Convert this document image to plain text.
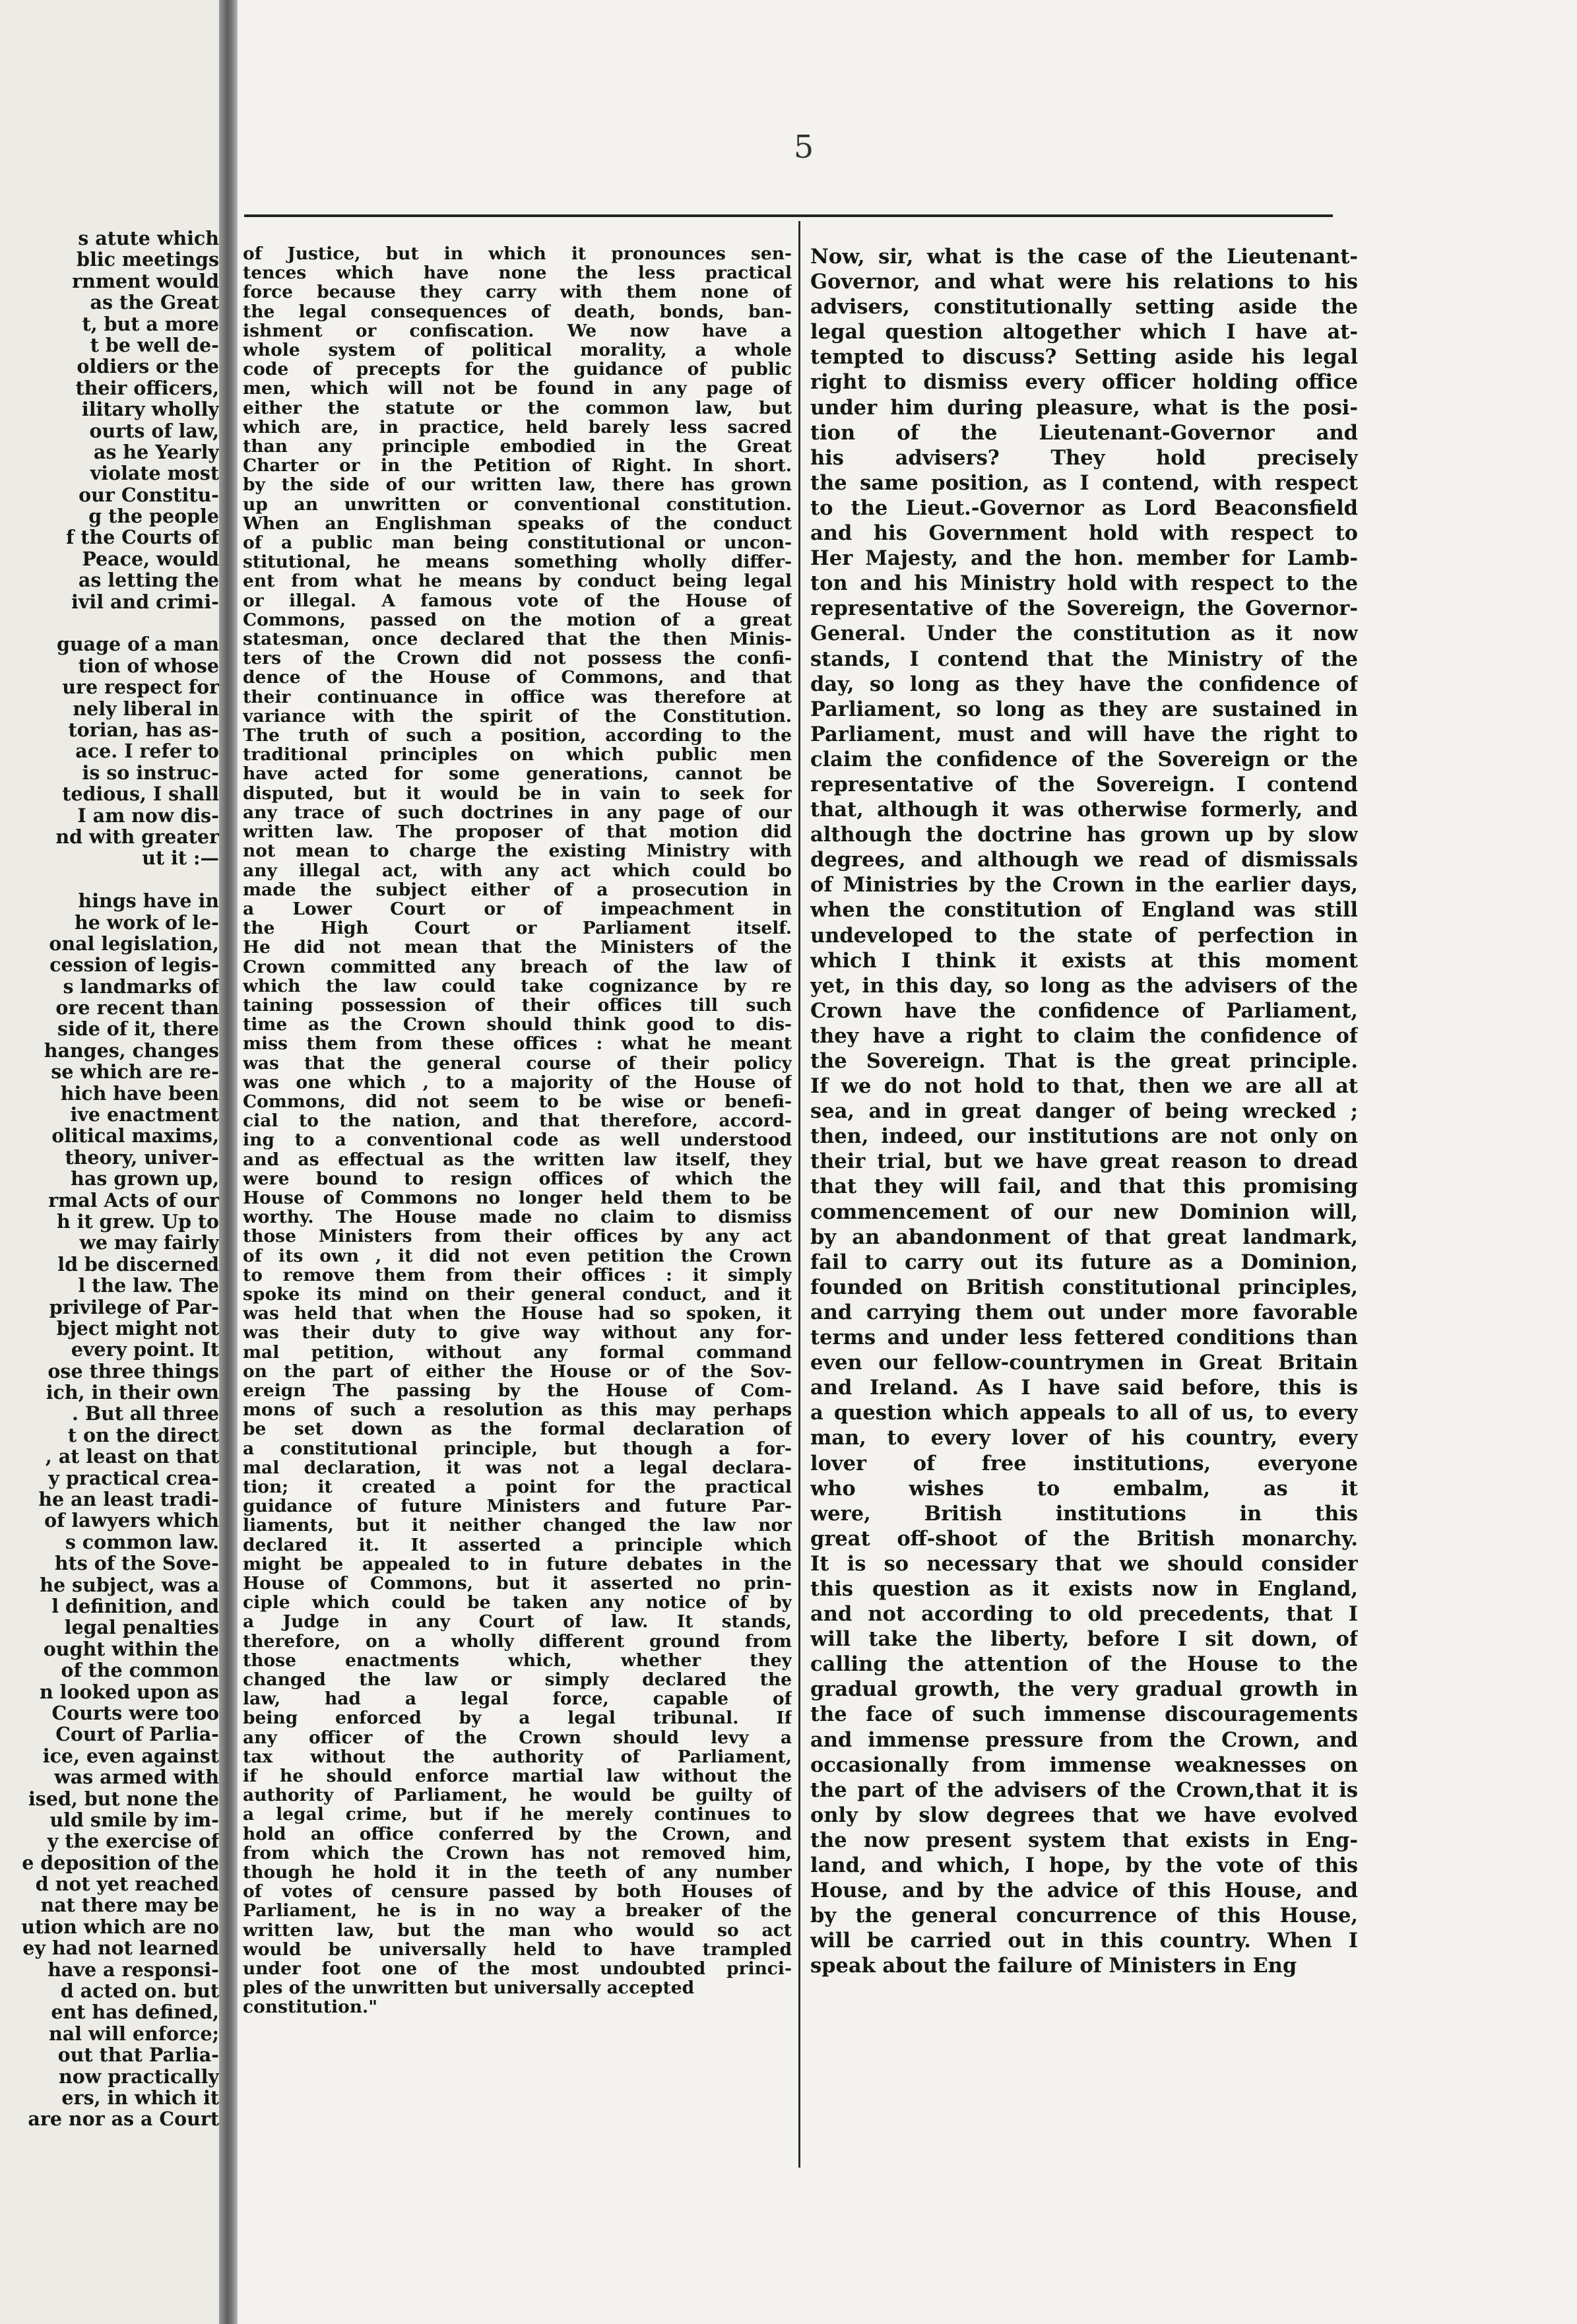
s atute which
blic meetings
rnment would
as the Great
t, but a more
t be well de-
oldiers or the
their officers,
ilitary wholly
ourts of law,
as he Yearly
violate most
our Constitu-
g the people
f the Courts of
Peace, would
as letting the
ivil and crimi-
guage of a man
tion of whose
ure respect for
nely liberal in
torian, has as-
ace. I refer to
is so instruc-
tedious, I shall
I am now dis-
nd with greater
ut it :—
hings have in
he work of le-
onal legislation,
cession of legis-
s landmarks of
ore recent than
side of it, there
hanges, changes
se which are re-
hich have been
ive enactment
olitical maxims,
theory, univer-
has grown up,
rmal Acts of our
h it grew. Up to
we may fairly
ld be discerned
l the law. The
privilege of Par-
bject might not
every point. It
ose three things
ich, in their own
. But all three
t on the direct
, at least on that
y practical crea-
he an least tradi-
of lawyers which
s common law.
hts of the Sove-
he subject, was a
l definition, and
legal penalties
ought within the
of the common
n looked upon as
Courts were too
Court of Parlia-
ice, even against
was armed with
ised, but none the
uld smile by im-
y the exercise of
e deposition of the
d not yet reached
nat there may be
ution which are no
ey had not learned
have a responsi-
d acted on. but
ent has defined,
nal will enforce;
out that Parlia-
now practically
ers, in which it
are nor as a Court
5
of Justice, but in which it pronounces sen-
tences which have none the less practical
force because they carry with them none of
the legal consequences of death, bonds, ban-
ishment or confiscation. We now have a
whole system of political morality, a whole
code of precepts for the guidance of public
men, which will not be found in any page of
either the statute or the common law, but
which are, in practice, held barely less sacred
than any principle embodied in the Great
Charter or in the Petition of Right. In short.
by the side of our written law, there has grown
up an unwritten or conventional constitution.
When an Englishman speaks of the conduct
of a public man being constitutional or uncon-
stitutional, he means something wholly differ-
ent from what he means by conduct being legal
or illegal. A famous vote of the House of
Commons, passed on the motion of a great
statesman, once declared that the then Minis-
ters of the Crown did not possess the confi-
dence of the House of Commons, and that
their continuance in office was therefore at
variance with the spirit of the Constitution.
The truth of such a position, according to the
traditional principles on which public men
have acted for some generations, cannot be
disputed, but it would be in vain to seek for
any trace of such doctrines in any page of our
written law. The proposer of that motion did
not mean to charge the existing Ministry with
any illegal act, with any act which could bo
made the subject either of a prosecution in
a Lower Court or of impeachment in
the High Court or Parliament itself.
He did not mean that the Ministers of the
Crown committed any breach of the law of
which the law could take cognizance by re
taining possession of their offices till such
time as the Crown should think good to dis-
miss them from these offices : what he meant
was that the general course of their policy
was one which , to a majority of the House of
Commons, did not seem to be wise or benefi-
cial to the nation, and that therefore, accord-
ing to a conventional code as well understood
and as effectual as the written law itself, they
were bound to resign offices of which the
House of Commons no longer held them to be
worthy. The House made no claim to dismiss
those Ministers from their offices by any act
of its own , it did not even petition the Crown
to remove them from their offices : it simply
spoke its mind on their general conduct, and it
was held that when the House had so spoken, it
was their duty to give way without any for-
mal petition, without any formal command
on the part of either the House or of the Sov-
ereign The passing by the House of Com-
mons of such a resolution as this may perhaps
be set down as the formal declaration of
a constitutional principle, but though a for-
mal declaration, it was not a legal declara-
tion; it created a point for the practical
guidance of future Ministers and future Par-
liaments, but it neither changed the law nor
declared it. It asserted a principle which
might be appealed to in future debates in the
House of Commons, but it asserted no prin-
ciple which could be taken any notice of by
a Judge in any Court of law. It stands,
therefore, on a wholly different ground from
those enactments which, whether they
changed the law or simply declared the
law, had a legal force, capable of
being enforced by a legal tribunal. If
any officer of the Crown should levy a
tax without the authority of Parliament,
if he should enforce martial law without the
authority of Parliament, he would be guilty of
a legal crime, but if he merely continues to
hold an office conferred by the Crown, and
from which the Crown has not removed him,
though he hold it in the teeth of any number
of votes of censure passed by both Houses of
Parliament, he is in no way a breaker of the
written law, but the man who would so act
would be universally held to have trampled
under foot one of the most undoubted princi-
ples of the unwritten but universally accepted
constitution."
Now, sir, what is the case of the Lieutenant-
Governor, and what were his relations to his
advisers, constitutionally setting aside the
legal question altogether which I have at-
tempted to discuss? Setting aside his legal
right to dismiss every officer holding office
under him during pleasure, what is the posi-
tion of the Lieutenant-Governor and
his advisers? They hold precisely
the same position, as I contend, with respect
to the Lieut.-Governor as Lord Beaconsfield
and his Government hold with respect to
Her Majesty, and the hon. member for Lamb-
ton and his Ministry hold with respect to the
representative of the Sovereign, the Governor-
General. Under the constitution as it now
stands, I contend that the Ministry of the
day, so long as they have the confidence of
Parliament, so long as they are sustained in
Parliament, must and will have the right to
claim the confidence of the Sovereign or the
representative of the Sovereign. I contend
that, although it was otherwise formerly, and
although the doctrine has grown up by slow
degrees, and although we read of dismissals
of Ministries by the Crown in the earlier days,
when the constitution of England was still
undeveloped to the state of perfection in
which I think it exists at this moment
yet, in this day, so long as the advisers of the
Crown have the confidence of Parliament,
they have a right to claim the confidence of
the Sovereign. That is the great principle.
If we do not hold to that, then we are all at
sea, and in great danger of being wrecked ;
then, indeed, our institutions are not only on
their trial, but we have great reason to dread
that they will fail, and that this promising
commencement of our new Dominion will,
by an abandonment of that great landmark,
fail to carry out its future as a Dominion,
founded on British constitutional principles,
and carrying them out under more favorable
terms and under less fettered conditions than
even our fellow-countrymen in Great Britain
and Ireland. As I have said before, this is
a question which appeals to all of us, to every
man, to every lover of his country, every
lover of free institutions, everyone
who wishes to embalm, as it
were, British institutions in this
great off-shoot of the British monarchy.
It is so necessary that we should consider
this question as it exists now in England,
and not according to old precedents, that I
will take the liberty, before I sit down, of
calling the attention of the House to the
gradual growth, the very gradual growth in
the face of such immense discouragements
and immense pressure from the Crown, and
occasionally from immense weaknesses on
the part of the advisers of the Crown,that it is
only by slow degrees that we have evolved
the now present system that exists in Eng-
land, and which, I hope, by the vote of this
House, and by the advice of this House, and
by the general concurrence of this House,
will be carried out in this country. When I
speak about the failure of Ministers in Eng
